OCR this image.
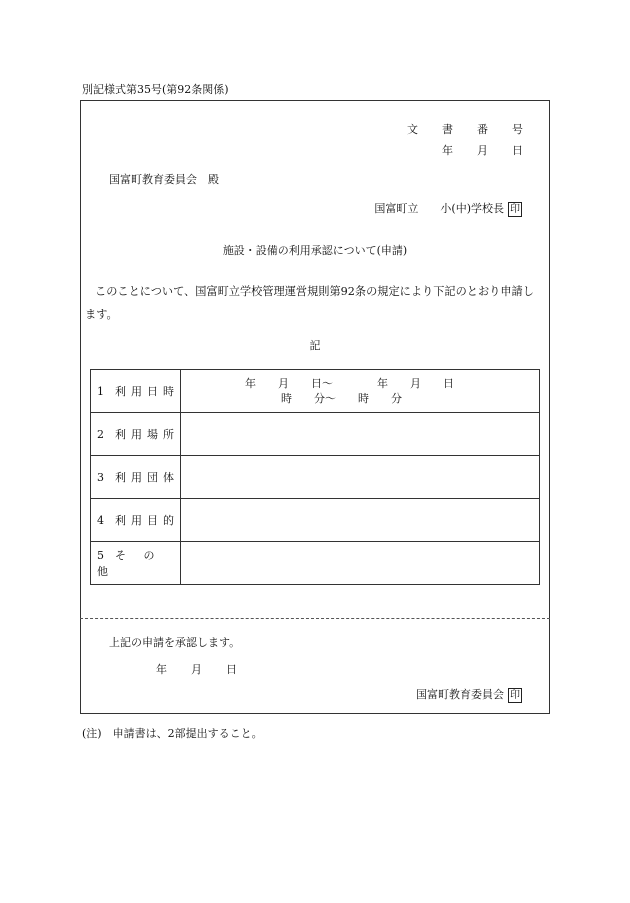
別記様式第35号(第92条関係)
文 書 番 号
年 月 日
国富町教育委員会　殿
国富町立 小(中)学校長 印
施設・設備の利用承認について(申請)
このことについて、国富町立学校管理運営規則第92条の規定により下記のとおり申請し
ます。
記
1 利用日時	年　　月　　日～　　　　年　　月　　日
時　　分～　　時　　分

2 利用場所	
3 利用団体	
4 利用目的	
5 そ の 他	
上記の申請を承認します。
年 月 日
国富町教育委員会 印
(注)　申請書は、2部提出すること。
